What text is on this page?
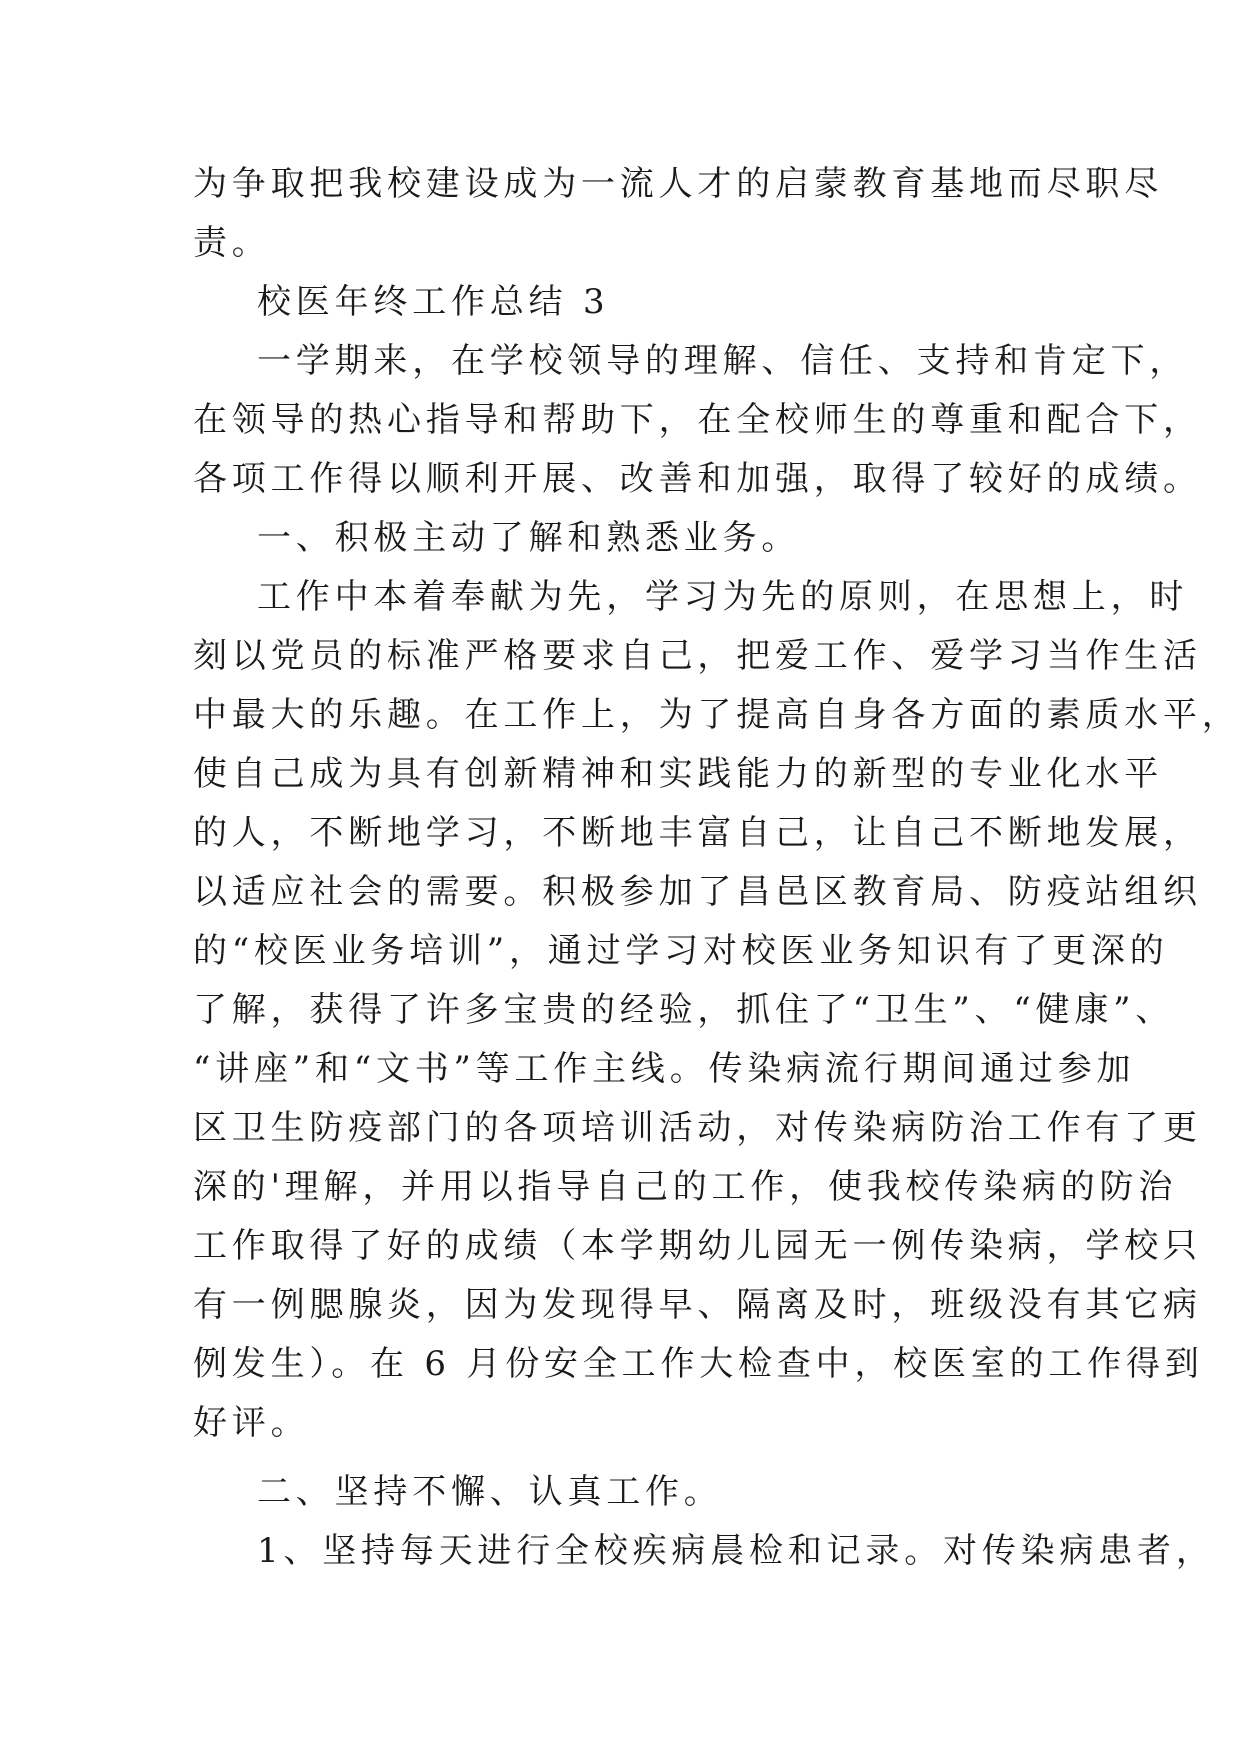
为争取把我校建设成为一流人才的启蒙教育基地而尽职尽
责。
校医年终工作总结 3
一学期来，在学校领导的理解、信任、支持和肯定下，
在领导的热心指导和帮助下，在全校师生的尊重和配合下，
各项工作得以顺利开展、改善和加强，取得了较好的成绩。
一、积极主动了解和熟悉业务。
工作中本着奉献为先，学习为先的原则，在思想上，时
刻以党员的标准严格要求自己，把爱工作、爱学习当作生活
中最大的乐趣。在工作上，为了提高自身各方面的素质水平，
使自己成为具有创新精神和实践能力的新型的专业化水平
的人，不断地学习，不断地丰富自己，让自己不断地发展，
以适应社会的需要。积极参加了昌邑区教育局、防疫站组织
的“校医业务培训”，通过学习对校医业务知识有了更深的
了解，获得了许多宝贵的经验，抓住了“卫生”、“健康”、
“讲座”和“文书”等工作主线。传染病流行期间通过参加
区卫生防疫部门的各项培训活动，对传染病防治工作有了更
深的'理解，并用以指导自己的工作，使我校传染病的防治
工作取得了好的成绩（本学期幼儿园无一例传染病，学校只
有一例腮腺炎，因为发现得早、隔离及时，班级没有其它病
例发生）。在 6 月份安全工作大检查中，校医室的工作得到
好评。
二、坚持不懈、认真工作。
1、坚持每天进行全校疾病晨检和记录。对传染病患者，
